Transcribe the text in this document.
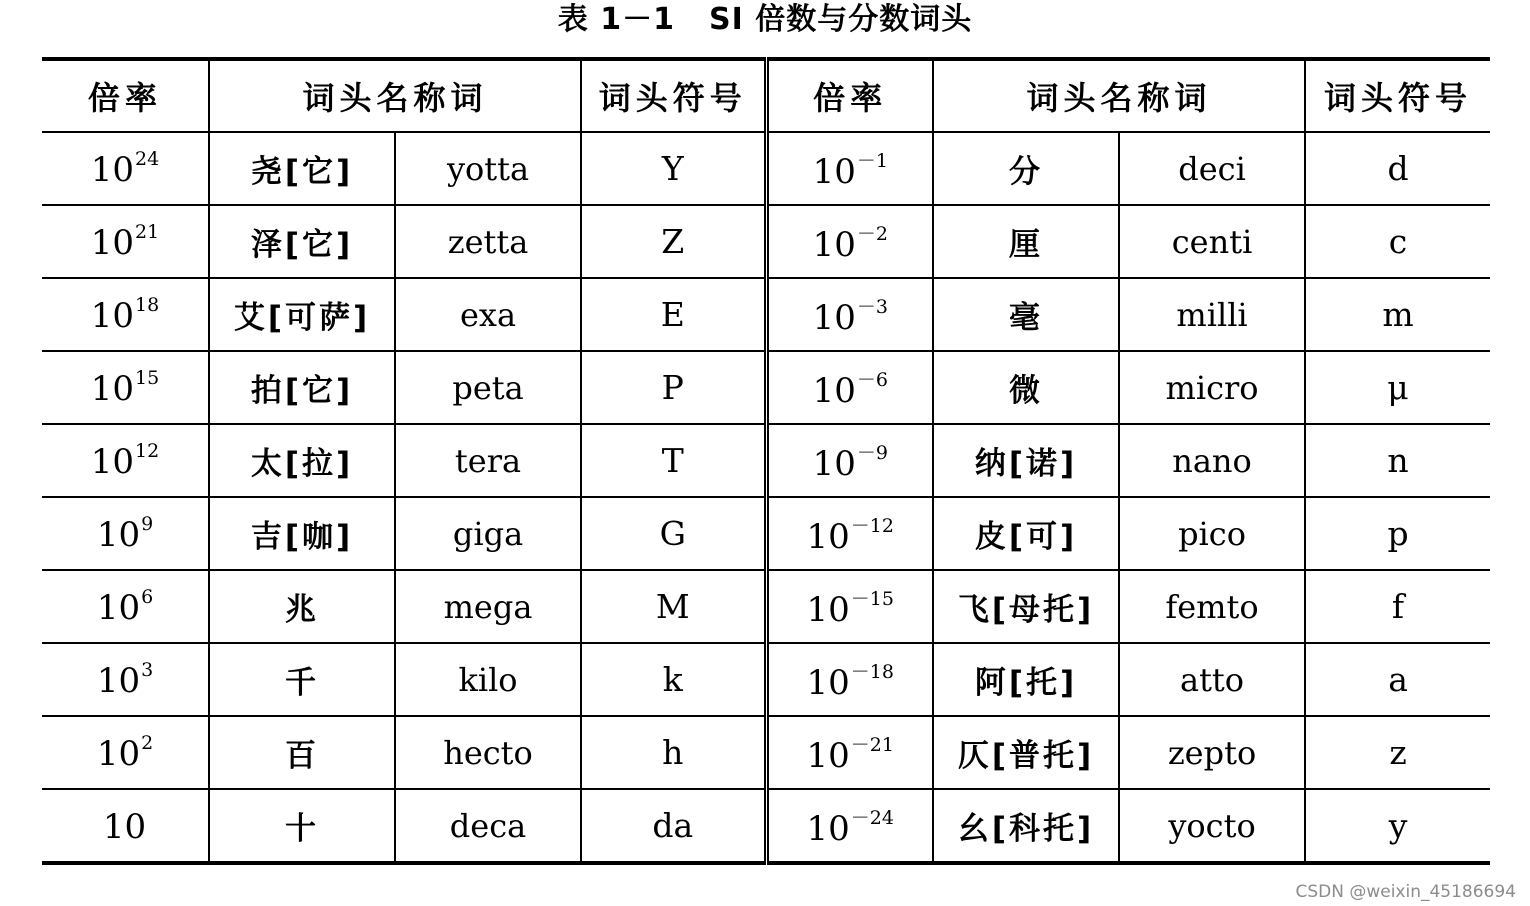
表 1－1 SI 倍数与分数词头
倍率	词头名称词		词头符号	倍率	词头名称词		词头符号
$10^{24}$	尧[它]	yotta	Y	$10^{-1}$	分	deci	d
$10^{21}$	泽[它]	zetta	Z	$10^{-2}$	厘	centi	c
$10^{18}$	艾[可萨]	exa	E	$10^{-3}$	毫	milli	m
$10^{15}$	拍[它]	peta	P	$10^{-6}$	微	micro	μ
$10^{12}$	太[拉]	tera	T	$10^{-9}$	纳[诺]	nano	n
$10^9$	吉[咖]	giga	G	$10^{-12}$	皮[可]	pico	p
$10^6$	兆	mega	M	$10^{-15}$	飞[母托]	femto	f
$10^3$	千	kilo	k	$10^{-18}$	阿[托]	atto	a
$10^2$	百	hecto	h	$10^{-21}$	仄[普托]	zepto	z
10	十	deca	da	$10^{-24}$	幺[科托]	yocto	y
CSDN @weixin_45186694
